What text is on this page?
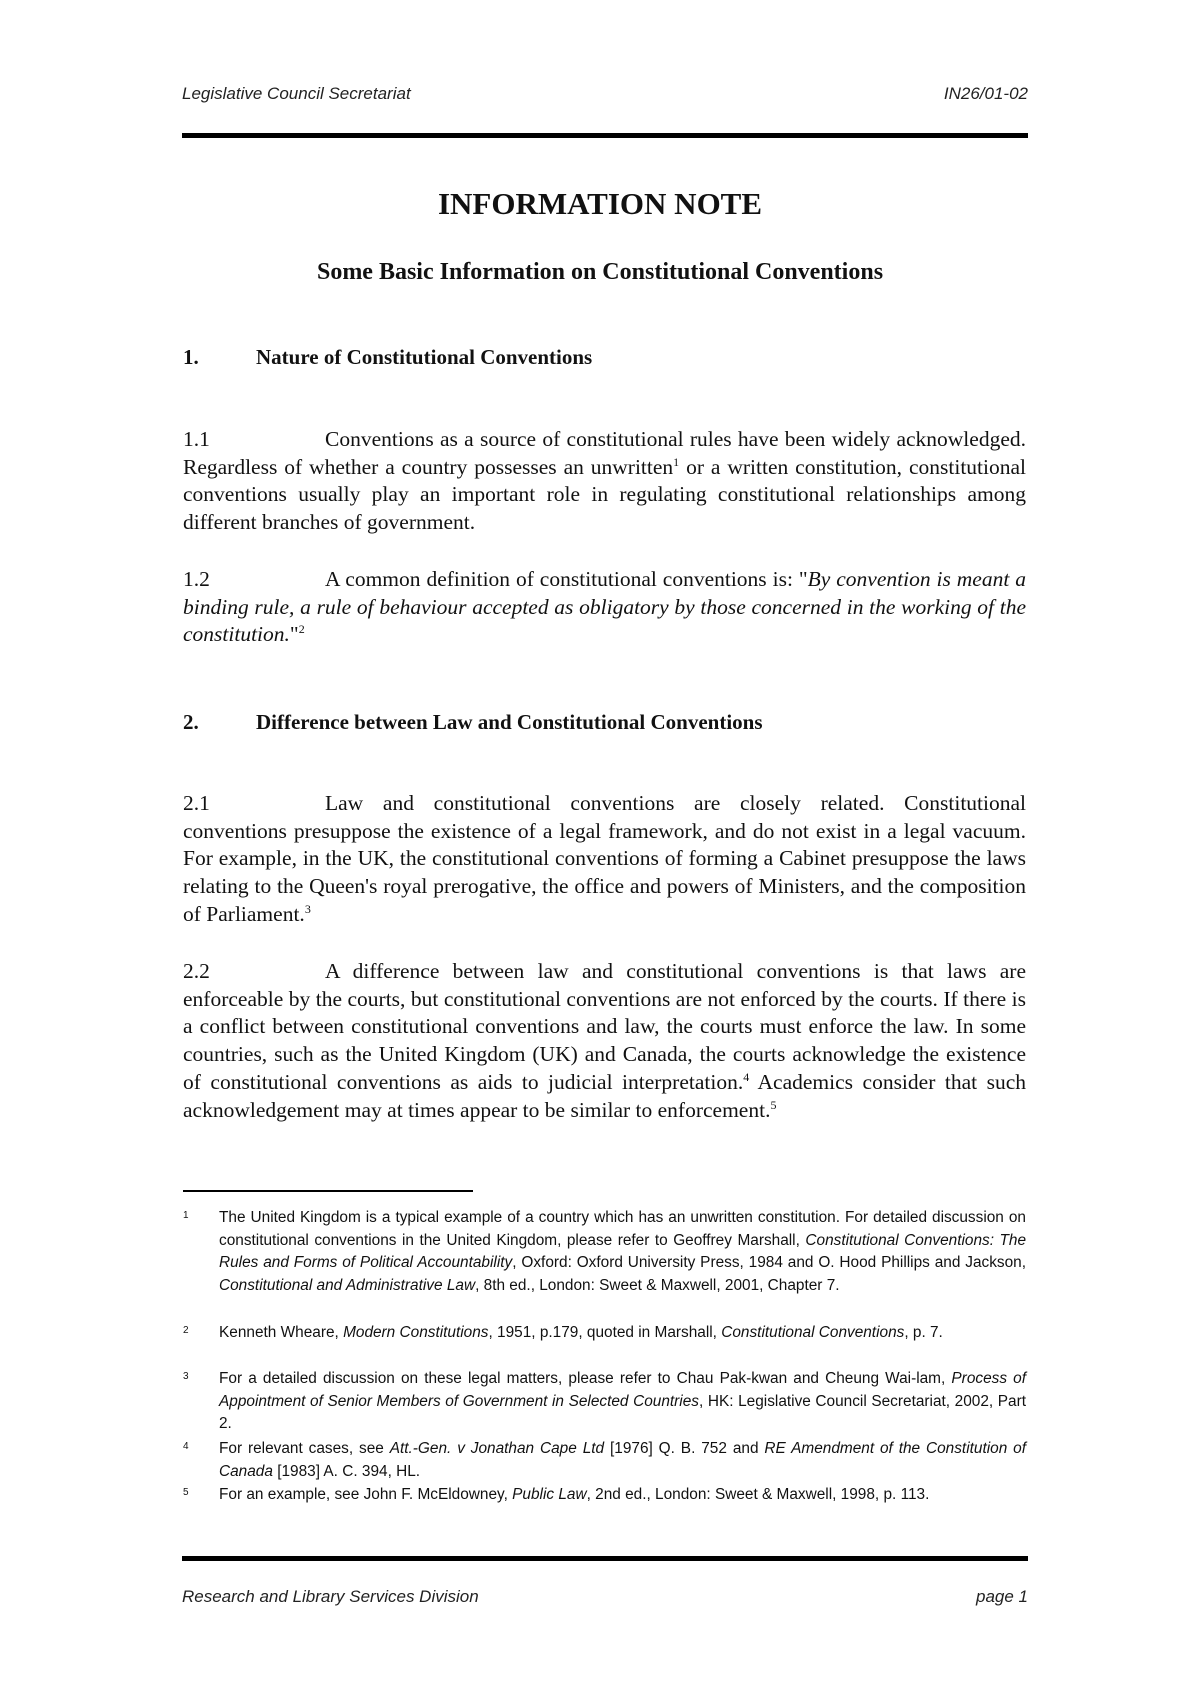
Legislative Council Secretariat	IN26/01-02
INFORMATION NOTE
Some Basic Information on Constitutional Conventions
1.	Nature of Constitutional Conventions
1.1	Conventions as a source of constitutional rules have been widely acknowledged. Regardless of whether a country possesses an unwritten$^1$ or a written constitution, constitutional conventions usually play an important role in regulating constitutional relationships among different branches of government.
1.2	A common definition of constitutional conventions is: "By convention is meant a binding rule, a rule of behaviour accepted as obligatory by those concerned in the working of the constitution."$^2$
2.	Difference between Law and Constitutional Conventions
2.1	Law and constitutional conventions are closely related. Constitutional conventions presuppose the existence of a legal framework, and do not exist in a legal vacuum. For example, in the UK, the constitutional conventions of forming a Cabinet presuppose the laws relating to the Queen's royal prerogative, the office and powers of Ministers, and the composition of Parliament.$^3$
2.2	A difference between law and constitutional conventions is that laws are enforceable by the courts, but constitutional conventions are not enforced by the courts. If there is a conflict between constitutional conventions and law, the courts must enforce the law. In some countries, such as the United Kingdom (UK) and Canada, the courts acknowledge the existence of constitutional conventions as aids to judicial interpretation.$^4$ Academics consider that such acknowledgement may at times appear to be similar to enforcement.$^5$
1 The United Kingdom is a typical example of a country which has an unwritten constitution. For detailed discussion on constitutional conventions in the United Kingdom, please refer to Geoffrey Marshall, Constitutional Conventions: The Rules and Forms of Political Accountability, Oxford: Oxford University Press, 1984 and O. Hood Phillips and Jackson, Constitutional and Administrative Law, 8th ed., London: Sweet & Maxwell, 2001, Chapter 7.
2 Kenneth Wheare, Modern Constitutions, 1951, p.179, quoted in Marshall, Constitutional Conventions, p. 7.
3 For a detailed discussion on these legal matters, please refer to Chau Pak-kwan and Cheung Wai-lam, Process of Appointment of Senior Members of Government in Selected Countries, HK: Legislative Council Secretariat, 2002, Part 2.
4 For relevant cases, see Att.-Gen. v Jonathan Cape Ltd [1976] Q. B. 752 and RE Amendment of the Constitution of Canada [1983] A. C. 394, HL.
5 For an example, see John F. McEldowney, Public Law, 2nd ed., London: Sweet & Maxwell, 1998, p. 113.
Research and Library Services Division	page 1
